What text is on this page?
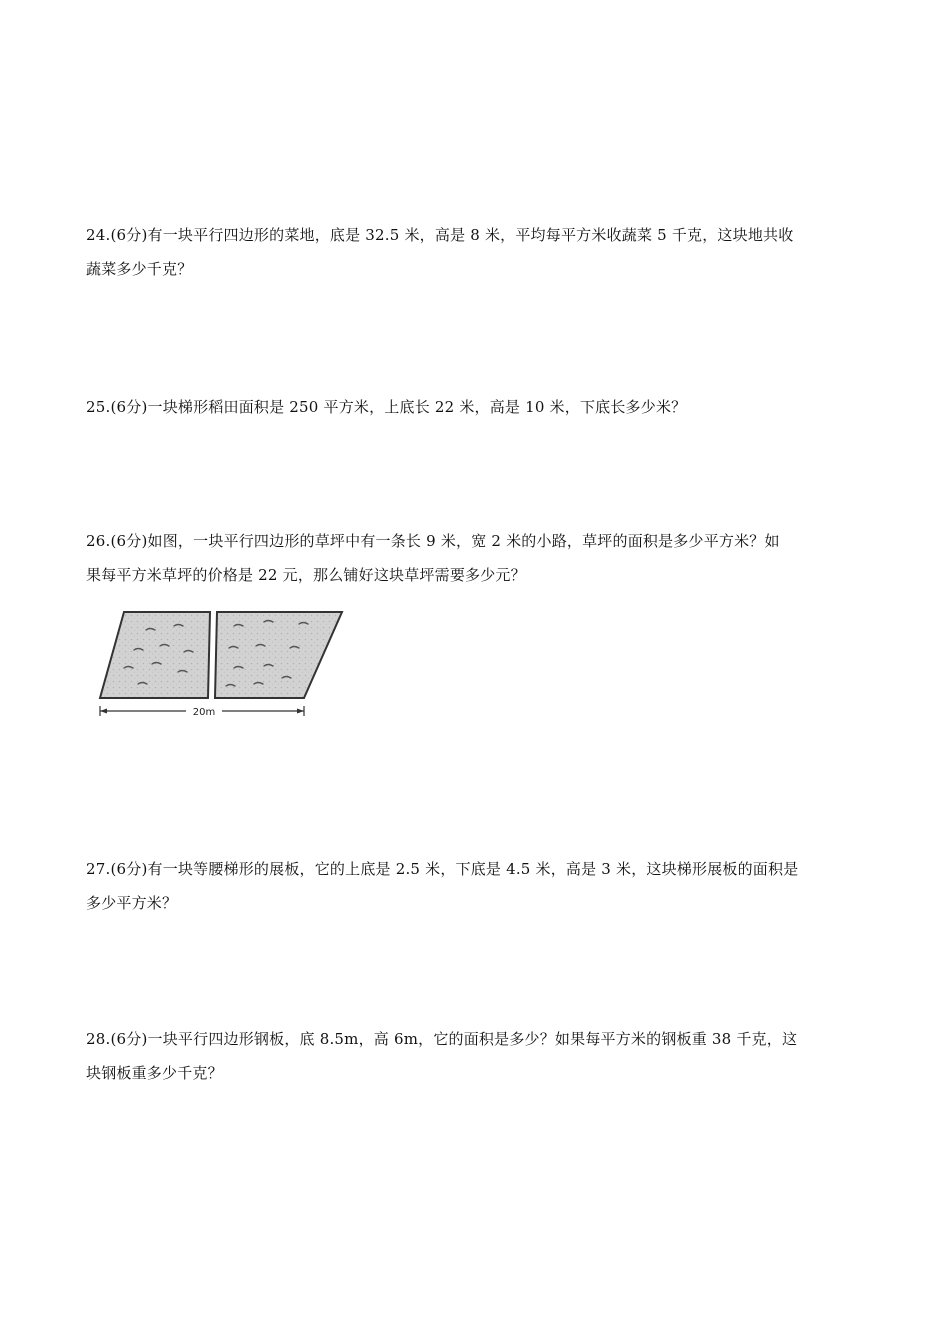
24.(6分)有一块平行四边形的菜地，底是 32.5 米，高是 8 米，平均每平方米收蔬菜 5 千克，这块地共收

蔬菜多少千克？

25.(6分)一块梯形稻田面积是 250 平方米，上底长 22 米，高是 10 米，下底长多少米？

26.(6分)如图，一块平行四边形的草坪中有一条长 9 米，宽 2 米的小路，草坪的面积是多少平方米？如

果每平方米草坪的价格是 22 元，那么铺好这块草坪需要多少元？

20m

27.(6分)有一块等腰梯形的展板，它的上底是 2.5 米，下底是 4.5 米，高是 3 米，这块梯形展板的面积是

多少平方米？

28.(6分)一块平行四边形钢板，底 8.5m，高 6m，它的面积是多少？如果每平方米的钢板重 38 千克，这

块钢板重多少千克？
